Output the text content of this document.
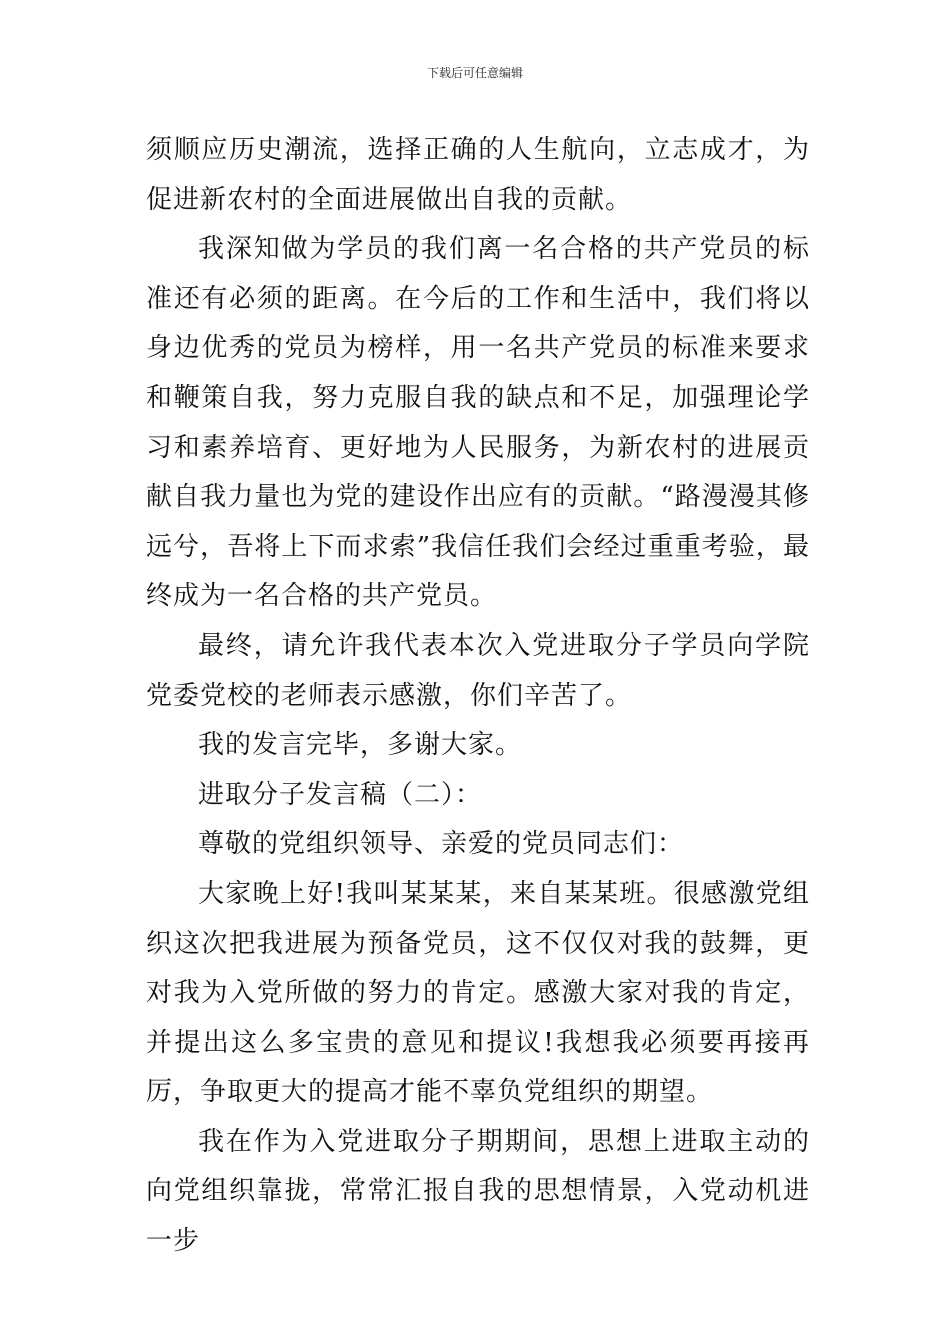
下载后可任意编辑

须顺应历史潮流，选择正确的人生航向，立志成才，为促进新农村的全面进展做出自我的贡献。

我深知做为学员的我们离一名合格的共产党员的标准还有必须的距离。在今后的工作和生活中，我们将以身边优秀的党员为榜样，用一名共产党员的标准来要求和鞭策自我，努力克服自我的缺点和不足，加强理论学习和素养培育、更好地为人民服务，为新农村的进展贡献自我力量也为党的建设作出应有的贡献。“路漫漫其修远兮，吾将上下而求索”我信任我们会经过重重考验，最终成为一名合格的共产党员。

最终，请允许我代表本次入党进取分子学员向学院党委党校的老师表示感激，你们辛苦了。

我的发言完毕，多谢大家。

进取分子发言稿（二）：

尊敬的党组织领导、亲爱的党员同志们：

大家晚上好!我叫某某某，来自某某班。很感激党组织这次把我进展为预备党员，这不仅仅对我的鼓舞，更对我为入党所做的努力的肯定。感激大家对我的肯定，并提出这么多宝贵的意见和提议!我想我必须要再接再厉，争取更大的提高才能不辜负党组织的期望。

我在作为入党进取分子期期间，思想上进取主动的向党组织靠拢，常常汇报自我的思想情景，入党动机进一步
